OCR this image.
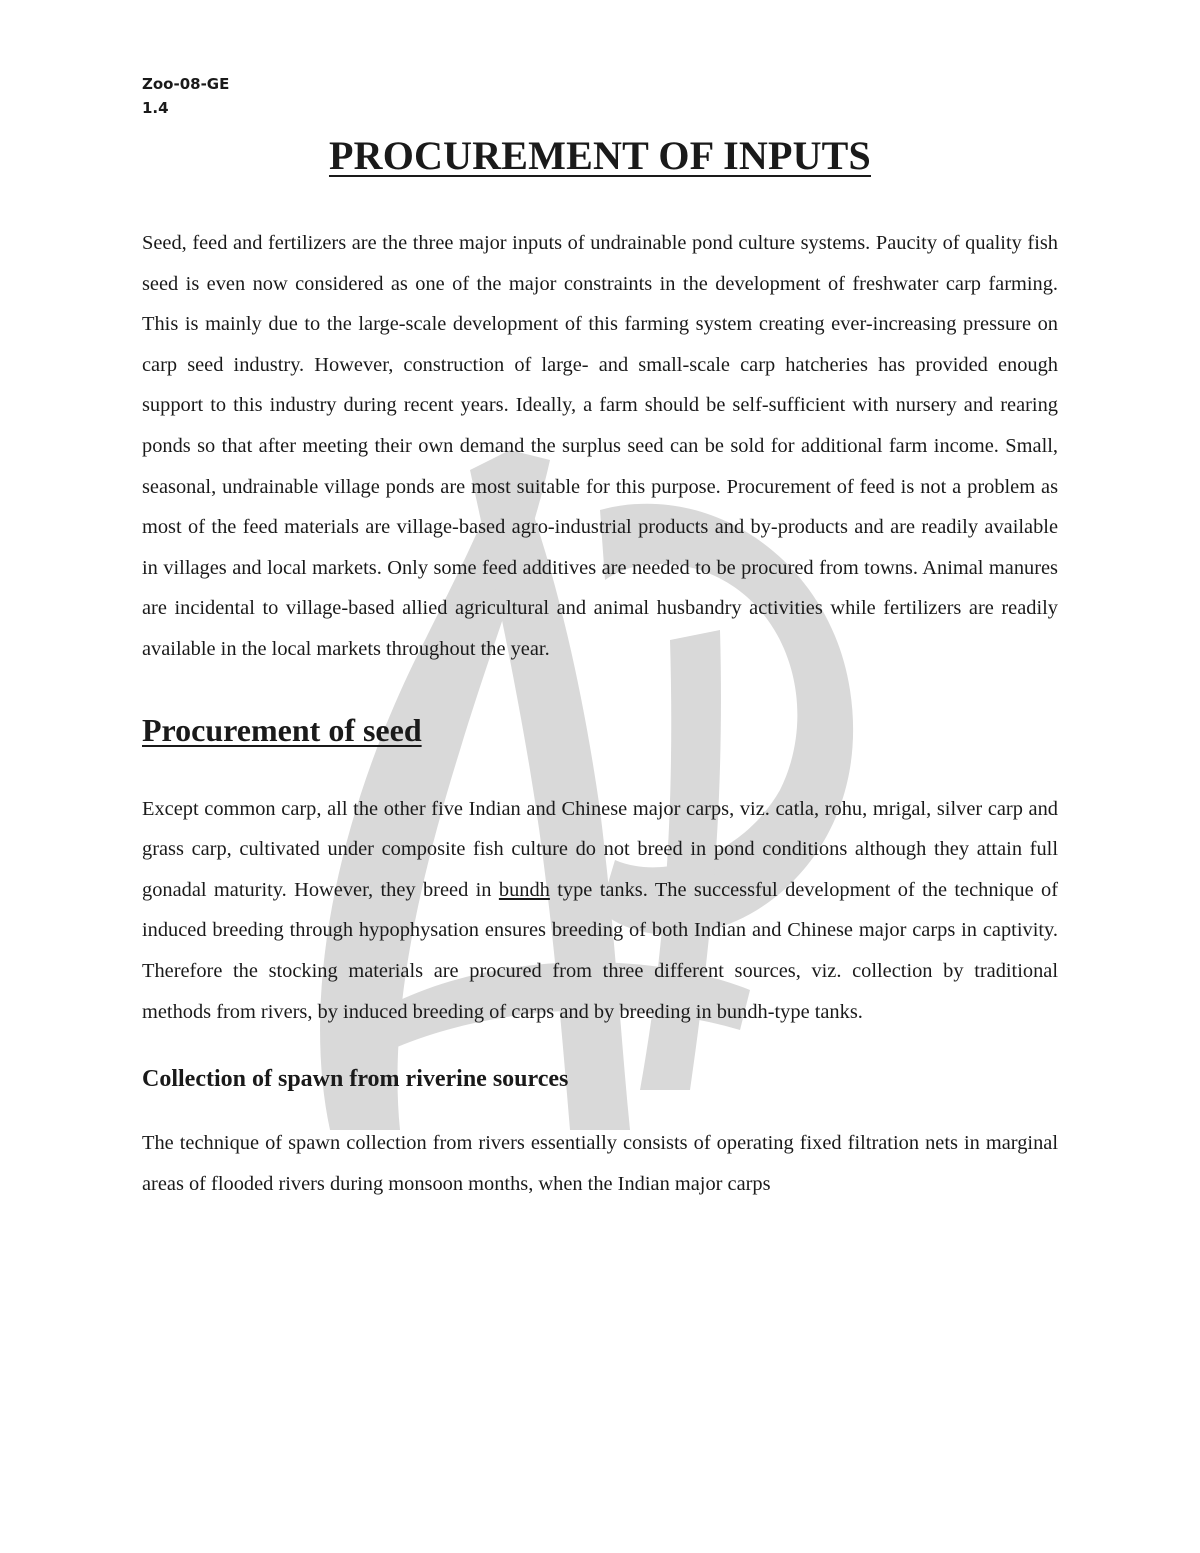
Zoo-08-GE

1.4

PROCUREMENT OF INPUTS

Seed, feed and fertilizers are the three major inputs of undrainable pond culture systems. Paucity of quality fish seed is even now considered as one of the major constraints in the development of freshwater carp farming. This is mainly due to the large-scale development of this farming system creating ever-increasing pressure on carp seed industry. However, construction of large- and small-scale carp hatcheries has provided enough support to this industry during recent years. Ideally, a farm should be self-sufficient with nursery and rearing ponds so that after meeting their own demand the surplus seed can be sold for additional farm income. Small, seasonal, undrainable village ponds are most suitable for this purpose. Procurement of feed is not a problem as most of the feed materials are village-based agro-industrial products and by-products and are readily available in villages and local markets. Only some feed additives are needed to be procured from towns. Animal manures are incidental to village-based allied agricultural and animal husbandry activities while fertilizers are readily available in the local markets throughout the year.

Procurement of seed

Except common carp, all the other five Indian and Chinese major carps, viz. catla, rohu, mrigal, silver carp and grass carp, cultivated under composite fish culture do not breed in pond conditions although they attain full gonadal maturity. However, they breed in bundh type tanks. The successful development of the technique of induced breeding through hypophysation ensures breeding of both Indian and Chinese major carps in captivity. Therefore the stocking materials are procured from three different sources, viz. collection by traditional methods from rivers, by induced breeding of carps and by breeding in bundh-type tanks.

Collection of spawn from riverine sources

The technique of spawn collection from rivers essentially consists of operating fixed filtration nets in marginal areas of flooded rivers during monsoon months, when the Indian major carps
